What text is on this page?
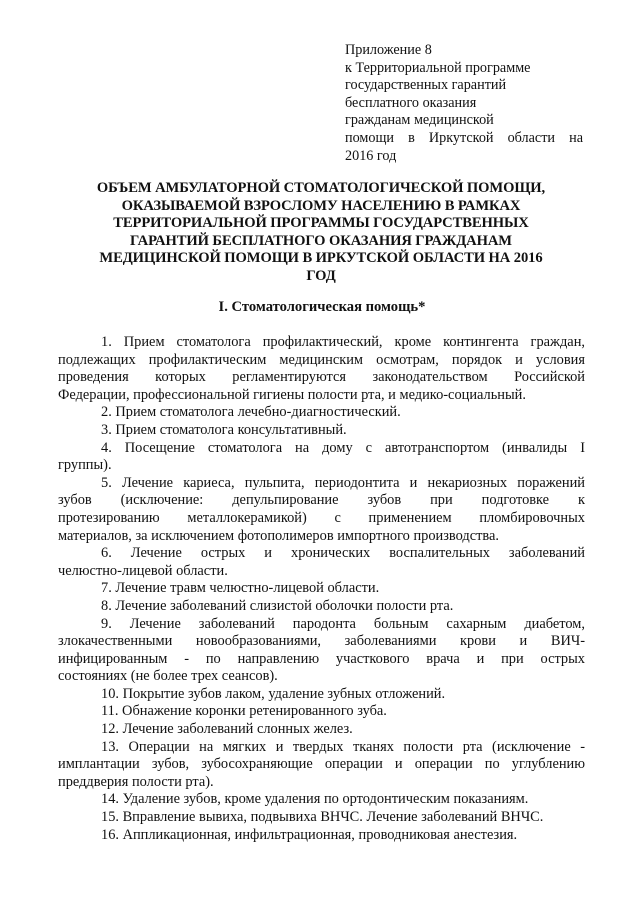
Приложение 8
к Территориальной программе
государственных гарантий
бесплатного оказания
гражданам медицинской
помощи в Иркутской области на
2016 год
ОБЪЕМ АМБУЛАТОРНОЙ СТОМАТОЛОГИЧЕСКОЙ ПОМОЩИ,
ОКАЗЫВАЕМОЙ ВЗРОСЛОМУ НАСЕЛЕНИЮ В РАМКАХ
ТЕРРИТОРИАЛЬНОЙ ПРОГРАММЫ ГОСУДАРСТВЕННЫХ
ГАРАНТИЙ БЕСПЛАТНОГО ОКАЗАНИЯ ГРАЖДАНАМ
МЕДИЦИНСКОЙ ПОМОЩИ В ИРКУТСКОЙ ОБЛАСТИ НА 2016
ГОД
I. Стоматологическая помощь*
1. Прием стоматолога профилактический, кроме контингента граждан,
подлежащих профилактическим медицинским осмотрам, порядок и условия
проведения которых регламентируются законодательством Российской
Федерации, профессиональной гигиены полости рта, и медико-социальный.
2. Прием стоматолога лечебно-диагностический.
3. Прием стоматолога консультативный.
4. Посещение стоматолога на дому с автотранспортом (инвалиды I
группы).
5. Лечение кариеса, пульпита, периодонтита и некариозных поражений
зубов (исключение: депульпирование зубов при подготовке к
протезированию металлокерамикой) с применением пломбировочных
материалов, за исключением фотополимеров импортного производства.
6. Лечение острых и хронических воспалительных заболеваний
челюстно-лицевой области.
7. Лечение травм челюстно-лицевой области.
8. Лечение заболеваний слизистой оболочки полости рта.
9. Лечение заболеваний пародонта больным сахарным диабетом,
злокачественными новообразованиями, заболеваниями крови и ВИЧ-
инфицированным - по направлению участкового врача и при острых
состояниях (не более трех сеансов).
10. Покрытие зубов лаком, удаление зубных отложений.
11. Обнажение коронки ретенированного зуба.
12. Лечение заболеваний слонных желез.
13. Операции на мягких и твердых тканях полости рта (исключение -
имплантации зубов, зубосохраняющие операции и операции по углублению
преддверия полости рта).
14. Удаление зубов, кроме удаления по ортодонтическим показаниям.
15. Вправление вывиха, подвывиха ВНЧС. Лечение заболеваний ВНЧС.
16. Аппликационная, инфильтрационная, проводниковая анестезия.
